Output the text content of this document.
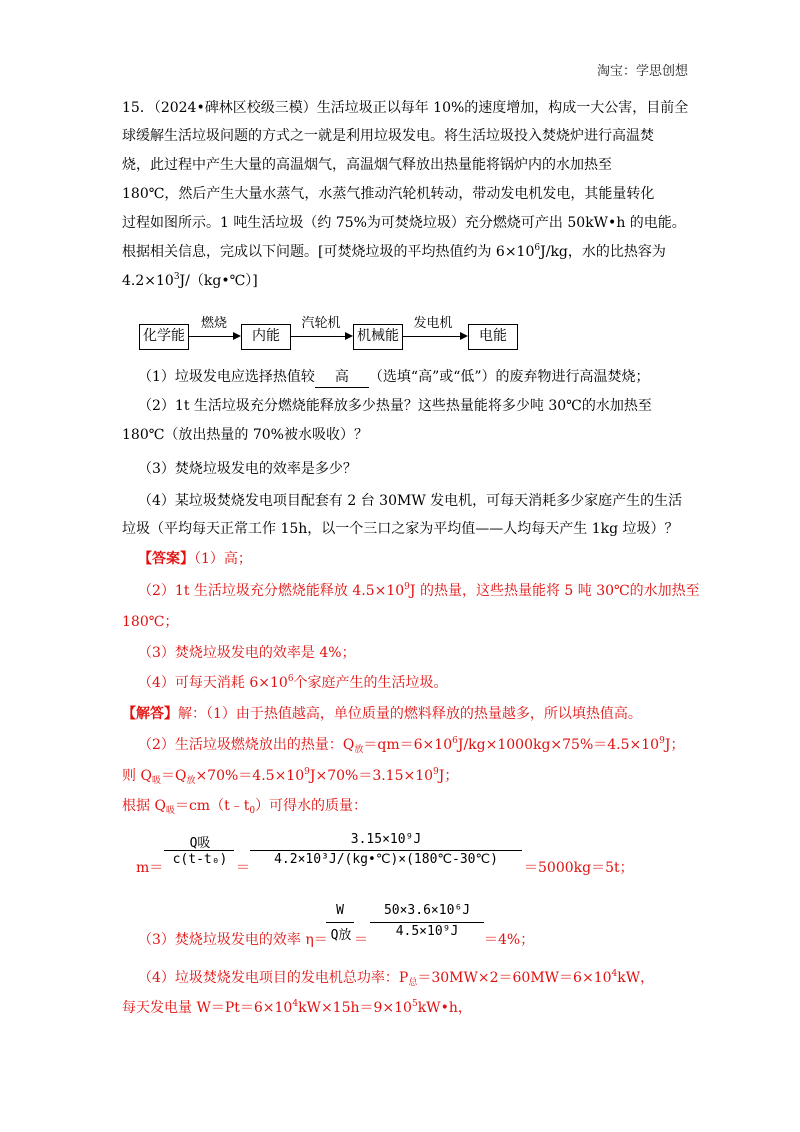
淘宝：学思创想
15．（2024•碑林区校级三模）生活垃圾正以每年 10%的速度增加，构成一大公害，目前全
球缓解生活垃圾问题的方式之一就是利用垃圾发电。将生活垃圾投入焚烧炉进行高温焚
烧，此过程中产生大量的高温烟气，高温烟气释放出热量能将锅炉内的水加热至
180℃，然后产生大量水蒸气，水蒸气推动汽轮机转动，带动发电机发电，其能量转化
过程如图所示。1 吨生活垃圾（约 75%为可焚烧垃圾）充分燃烧可产出 50kW•h 的电能。
根据相关信息，完成以下问题。[可焚烧垃圾的平均热值约为 $6\times 10^6J/kg$，水的比热容为
$4.2\times 10^3J/(kg•℃)$]
化学能
燃烧
内能
汽轮机
机械能
发电机
电能
（1）垃圾发电应选择热值较 高 （选填“高”或“低”）的废弃物进行高温焚烧；
（2）1t 生活垃圾充分燃烧能释放多少热量？这些热量能将多少吨 30℃的水加热至
180℃（放出热量的 70%被水吸收）？
（3）焚烧垃圾发电的效率是多少？
（4）某垃圾焚烧发电项目配套有 2 台 30MW 发电机，可每天消耗多少家庭产生的生活
垃圾（平均每天正常工作 15h，以一个三口之家为平均值——人均每天产生 1kg 垃圾）？
【答案】（1）高；
（2）1t 生活垃圾充分燃烧能释放 $4.5\times 10^9J$ 的热量，这些热量能将 5 吨 30℃的水加热至
180℃；
（3）焚烧垃圾发电的效率是 4%；
（4）可每天消耗 $6\times 10^6$个家庭产生的生活垃圾。
【解答】解：（1）由于热值越高，单位质量的燃料释放的热量越多，所以填热值高。
（2）生活垃圾燃烧放出的热量：$Q_放=qm=6\times 10^6J/kg\times 1000kg\times 75\%=4.5\times 10^9J$；
则 $Q_吸=Q_放\times 70\%=4.5\times 10^9J\times 70\%=3.15\times 10^9J$；
根据 $Q_吸=cm(t﹣t_0)$可得水的质量：
m＝
Q吸
c(t-t₀)
＝
3.15×10⁹J
4.2×10³J/(kg•℃)×(180℃-30℃)
＝5000kg＝5t；
（3）焚烧垃圾发电的效率 η＝
W
Q放 ＝
50×3.6×10⁶J
4.5×10⁹J
＝4%；
（4）垃圾焚烧发电项目的发电机总功率：$P_总=30MW\times 2=60MW=6\times 10^4kW$，
每天发电量 $W=Pt=6\times 10^4kW\times 15h=9\times 10^5kW•h$，
